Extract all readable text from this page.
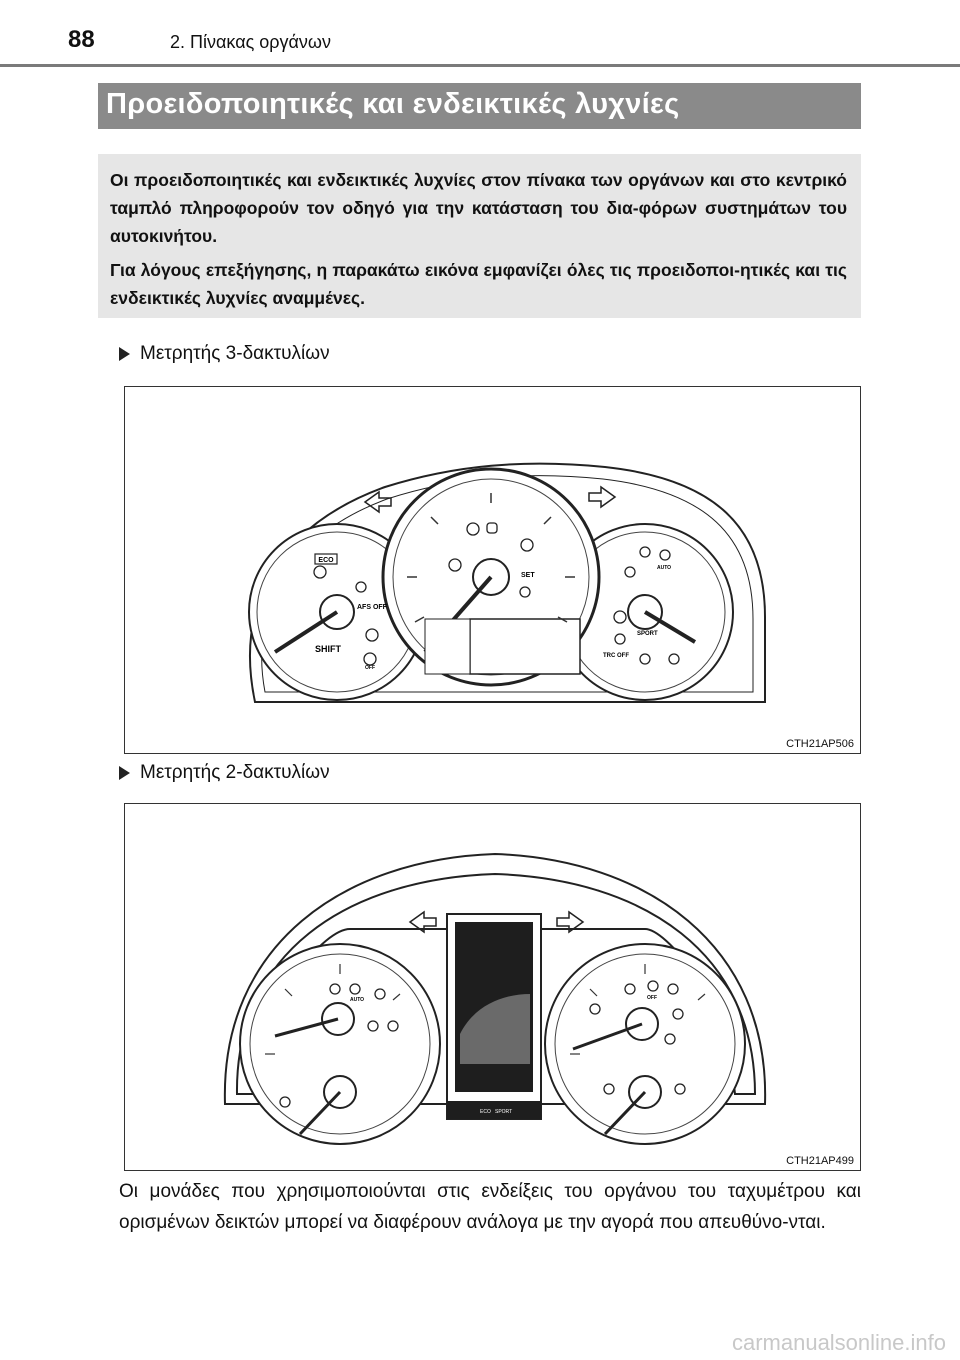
88	2. Πίνακας οργάνων
Προειδοποιητικές και ενδεικτικές λυχνίες

Οι προειδοποιητικές και ενδεικτικές λυχνίες στον πίνακα των οργάνων και στο κεντρικό ταμπλό πληροφορούν τον οδηγό για την κατάσταση του δια-φόρων συστημάτων του αυτοκινήτου.

Για λόγους επεξήγησης, η παρακάτω εικόνα εμφανίζει όλες τις προειδοποι-ητικές και τις ενδεικτικές λυχνίες αναμμένες.

Μετρητής 3-δακτυλίων
ECO
SHIFT
AFS OFF
SET
SPORT
TRC OFF
AUTO
OFF
CTH21AP506
Μετρητής 2-δακτυλίων
ECO SPORT
SET
AUTO	OFF
CTH21AP499
Οι μονάδες που χρησιμοποιούνται στις ενδείξεις του οργάνου του ταχυμέτρου και ορισμένων δεικτών μπορεί να διαφέρουν ανάλογα με την αγορά που απευθύνο-νται.
carmanualsonline.info
